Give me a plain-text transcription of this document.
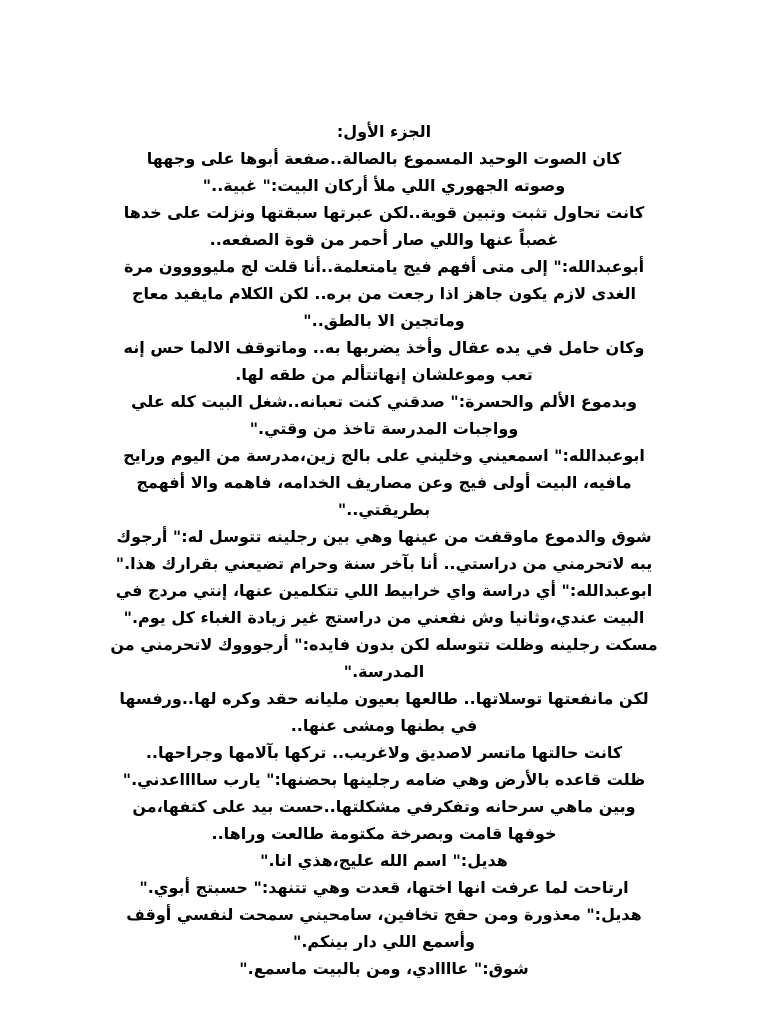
الجزء الأول:
كان الصوت الوحيد المسموع بالصالة..صفعة أبوها على وجهها
وصوته الجهوري اللي ملأ أركان البيت:" غبية.."
كانت تحاول تثبت وتبين قوية..لكن عبرتها سبقتها ونزلت على خدها
غصباً عنها واللي صار أحمر من قوة الصفعه..
أبوعبدالله:" إلى متى أفهم فيج يامتعلمة..أنا قلت لج مليوووون مرة
الغدى لازم يكون جاهز اذا رجعت من بره.. لكن الكلام مايفيد معاج
وماتجين الا بالطق.."
وكان حامل في يده عقال وأخذ يضربها به.. وماتوقف الالما حس إنه
تعب وموعلشان إنهاتتألم من طقه لها.
وبدموع الألم والحسرة:" صدقني كنت تعبانه..شغل البيت كله علي
وواجبات المدرسة تاخذ من وقتي."
ابوعبدالله:" اسمعيني وخليني على بالج زين،مدرسة من اليوم ورايح
مافيه، البيت أولى فيج وعن مصاريف الخدامه، فاهمه والا أفهمج
بطريقتي.."
شوق والدموع ماوقفت من عينها وهي بين رجلينه تتوسل له:" أرجوك
يبه لاتحرمني من دراستي.. أنا بآخر سنة وحرام تضيعني بقرارك هذا."
ابوعبدالله:" أي دراسة واي خرابيط اللي تتكلمين عنها، إنتي مردج في
البيت عندي،وثانيا وش نفعني من دراستج غير زيادة الغباء كل يوم."
مسكت رجلينه وظلت تتوسله لكن بدون فايده:" أرجوووك لاتحرمني من
المدرسة."
لكن مانفعتها توسلاتها.. طالعها بعيون مليانه حقد وكره لها..ورفسها
في بطنها ومشى عنها..
كانت حالتها ماتسر لاصديق ولاغريب.. تركها بآلامها وجراحها..
ظلت قاعده بالأرض وهي ضامه رجلينها بحضنها:" يارب سااااعدني."
وبين ماهي سرحانه وتفكرفي مشكلتها..حست بيد على كتفها،من
خوفها قامت وبصرخة مكتومة طالعت وراها..
هديل:" اسم الله عليج،هذي انا."
ارتاحت لما عرفت انها اختها، قعدت وهي تتنهد:" حسبتج أبوي."
هديل:" معذورة ومن حقج تخافين، سامحيني سمحت لنفسي أوقف
وأسمع اللي دار بينكم."
شوق:" عاااادي، ومن بالبيت ماسمع."
